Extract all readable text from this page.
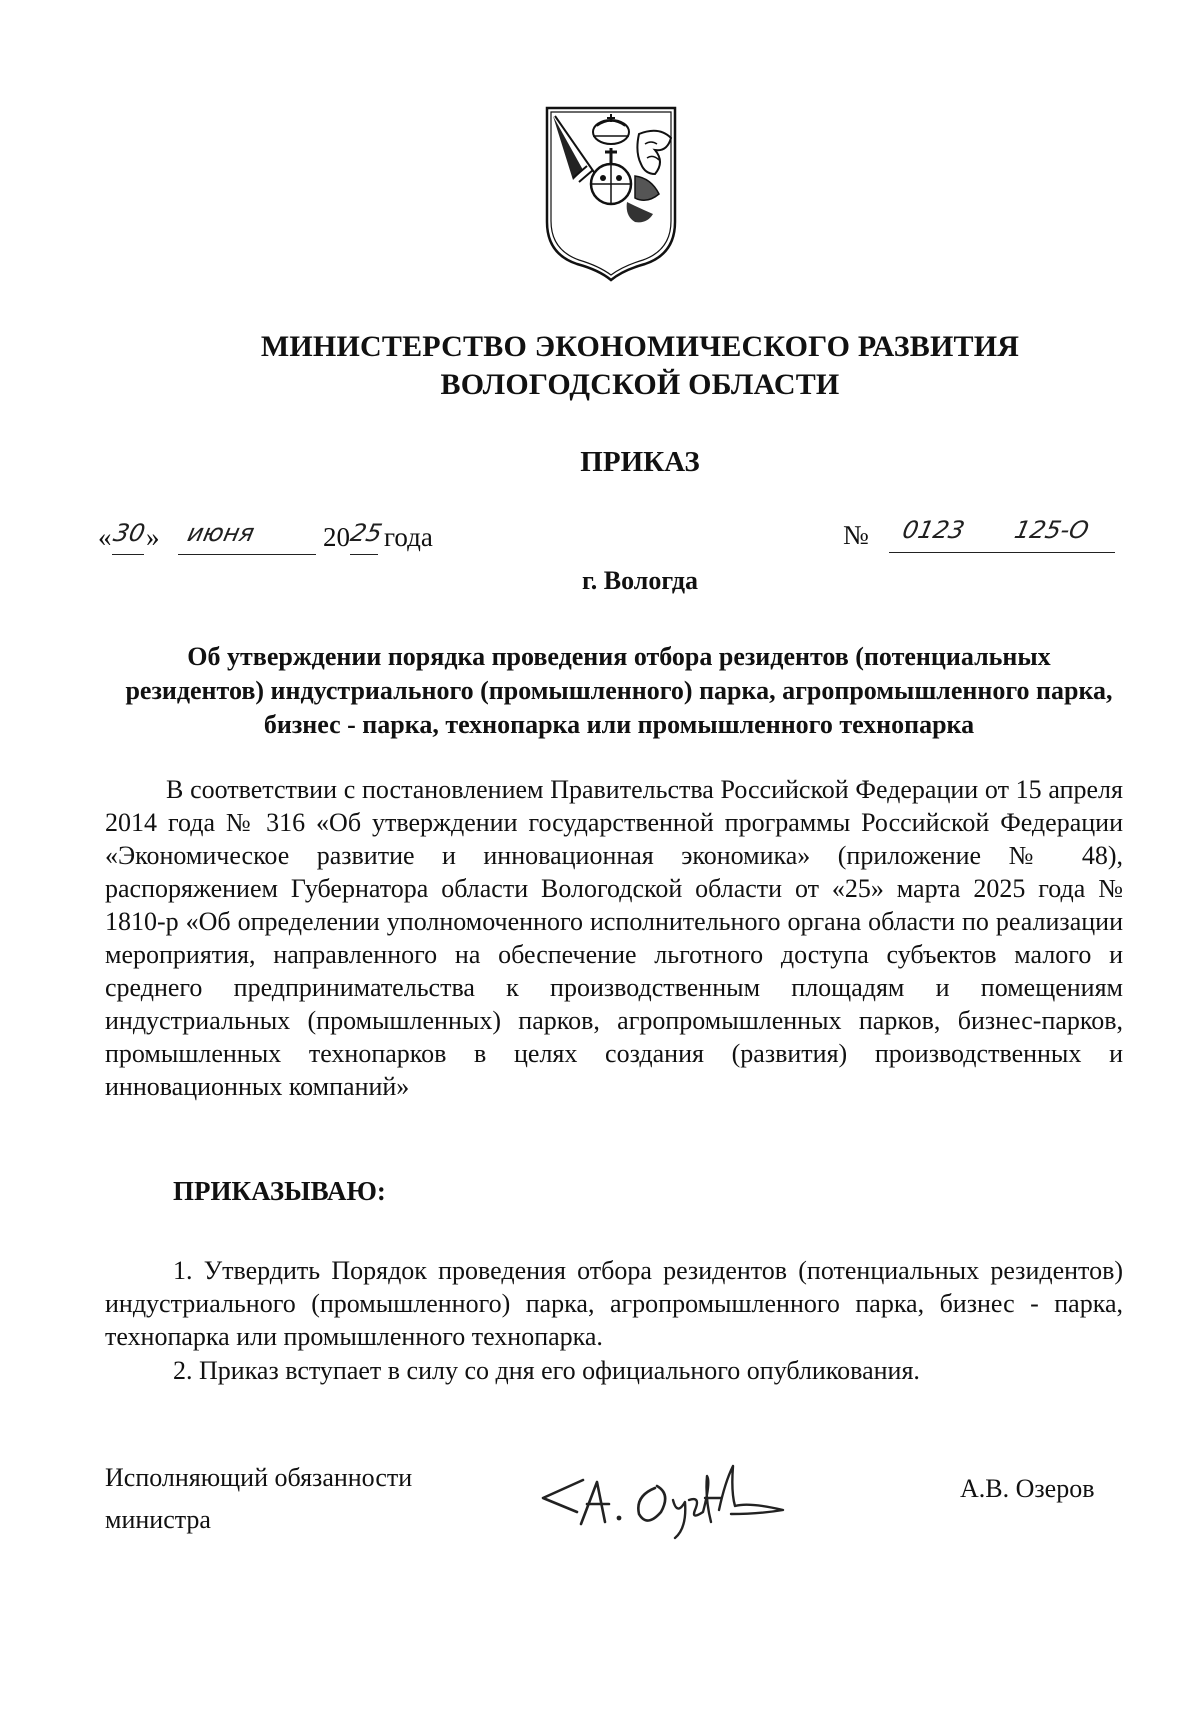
МИНИСТЕРСТВО ЭКОНОМИЧЕСКОГО РАЗВИТИЯ
ВОЛОГОДСКОЙ ОБЛАСТИ
ПРИКАЗ
« 30
» июня 20
25 года	№ 0123 125-О
г. Вологда
Об утверждении порядка проведения отбора резидентов (потенциальных резидентов) индустриального (промышленного) парка, агропромышленного парка, бизнес - парка, технопарка или промышленного технопарка
В соответствии с постановлением Правительства Российской Федерации от 15 апреля 2014 года № 316 «Об утверждении государственной программы Российской Федерации «Экономическое развитие и инновационная экономика» (приложение № 48), распоряжением Губернатора области Вологодской области от «25» марта 2025 года № 1810-р «Об определении уполномоченного исполнительного органа области по реализации мероприятия, направленного на обеспечение льготного доступа субъектов малого и среднего предпринимательства к производственным площадям и помещениям индустриальных (промышленных) парков, агропромышленных парков, бизнес-парков, промышленных технопарков в целях создания (развития) производственных и инновационных компаний»
ПРИКАЗЫВАЮ:
1. Утвердить Порядок проведения отбора резидентов (потенциальных резидентов) индустриального (промышленного) парка, агропромышленного парка, бизнес - парка, технопарка или промышленного технопарка.
2. Приказ вступает в силу со дня его официального опубликования.
Исполняющий обязанности
министра
А.В. Озеров
